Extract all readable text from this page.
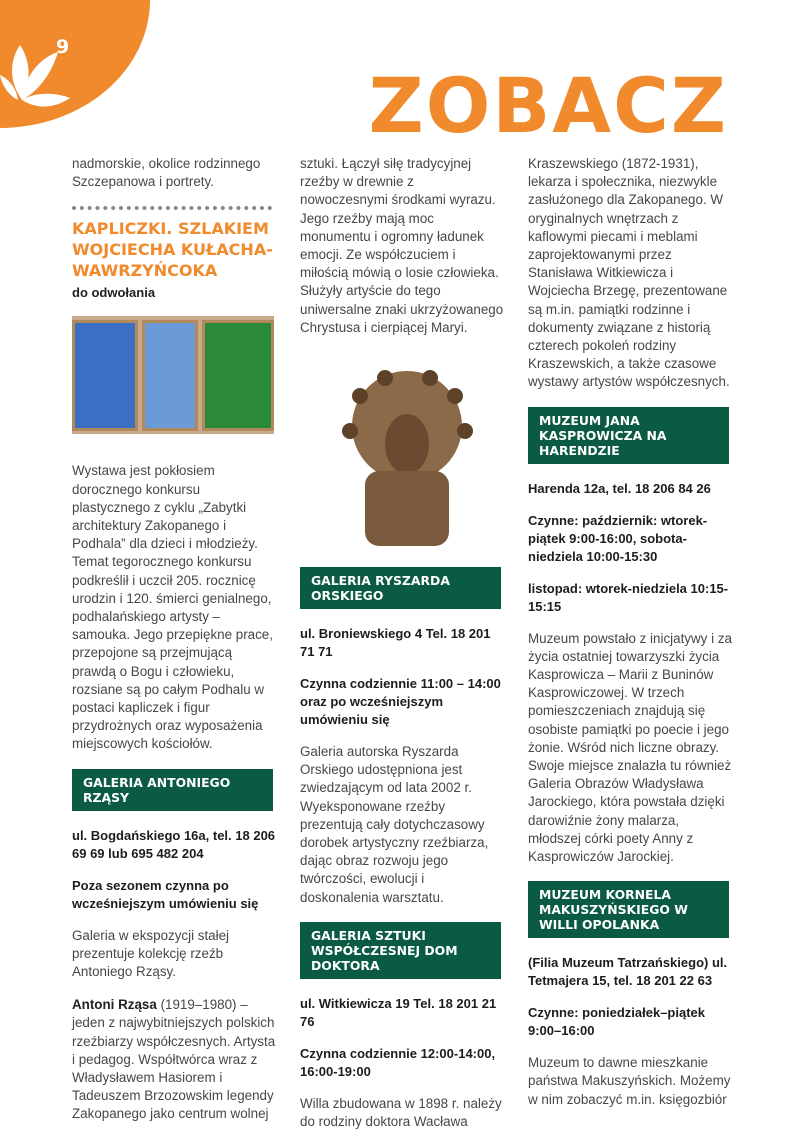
9
ZOBACZ

nadmorskie, okolice rodzinnego Szczepanowa i portrety.

KAPLICZKI. SZLAKIEM WOJCIECHA KUŁACHA-WAWRZYŃCOKA

do odwołania

Wystawa jest pokłosiem dorocznego konkursu plastycznego z cyklu „Zabytki architektury Zakopanego i Podhala” dla dzieci i młodzieży. Temat tegorocznego konkursu podkreślił i uczcił 205. rocznicę urodzin i 120. śmierci genialnego, podhalańskiego artysty – samouka. Jego przepiękne prace, przepojone są przejmującą prawdą o Bogu i człowieku, rozsiane są po całym Podhalu w postaci kapliczek i figur przydrożnych oraz wyposażenia miejscowych kościołów.

GALERIA ANTONIEGO RZĄSY
ul. Bogdańskiego 16a, tel. 18 206 69 69 lub 695 482 204
Poza sezonem czynna po wcześniejszym umówieniu się

Galeria w ekspozycji stałej prezentuje kolekcję rzeźb Antoniego Rząsy.

Antoni Rząsa (1919–1980) – jeden z najwybitniejszych polskich rzeźbiarzy współczesnych. Artysta i pedagog. Współtwórca wraz z Władysławem Hasiorem i Tadeuszem Brzozowskim legendy Zakopanego jako centrum wolnej

sztuki. Łączył siłę tradycyjnej rzeźby w drewnie z nowoczesnymi środkami wyrazu. Jego rzeźby mają moc monumentu i ogromny ładunek emocji. Ze współczuciem i miłością mówią o losie człowieka. Służyły artyście do tego uniwersalne znaki ukrzyżowanego Chrystusa i cierpiącej Maryi.

GALERIA RYSZARDA ORSKIEGO
ul. Broniewskiego 4 Tel. 18 201 71 71
Czynna codziennie 11:00 – 14:00 oraz po wcześniejszym umówieniu się

Galeria autorska Ryszarda Orskiego udostępniona jest zwiedzającym od lata 2002 r. Wyeksponowane rzeźby prezentują cały dotychczasowy dorobek artystyczny rzeźbiarza, dając obraz rozwoju jego twórczości, ewolucji i doskonalenia warsztatu.

GALERIA SZTUKI WSPÓŁCZESNEJ DOM DOKTORA
ul. Witkiewicza 19 Tel. 18 201 21 76
Czynna codziennie 12:00-14:00, 16:00-19:00

Willa zbudowana w 1898 r. należy do rodziny doktora Wacława

Kraszewskiego (1872-1931), lekarza i społecznika, niezwykle zasłużonego dla Zakopanego. W oryginalnych wnętrzach z kaflowymi piecami i meblami zaprojektowanymi przez Stanisława Witkiewicza i Wojciecha Brzegę, prezentowane są m.in. pamiątki rodzinne i dokumenty związane z historią czterech pokoleń rodziny Kraszewskich, a także czasowe wystawy artystów współczesnych.

MUZEUM JANA KASPROWICZA NA HARENDZIE
Harenda 12a, tel. 18 206 84 26
Czynne: październik: wtorek-piątek 9:00-16:00, sobota-niedziela 10:00-15:30
listopad: wtorek-niedziela 10:15-15:15

Muzeum powstało z inicjatywy i za życia ostatniej towarzyszki życia Kasprowicza – Marii z Buninów Kasprowiczowej. W trzech pomieszczeniach znajdują się osobiste pamiątki po poecie i jego żonie. Wśród nich liczne obrazy. Swoje miejsce znalazła tu również Galeria Obrazów Władysława Jarockiego, która powstała dzięki darowiźnie żony malarza, młodszej córki poety Anny z Kasprowiczów Jarockiej.

MUZEUM KORNELA MAKUSZYŃSKIEGO W WILLI OPOLANKA
(Filia Muzeum Tatrzańskiego) ul. Tetmajera 15, tel. 18 201 22 63
Czynne: poniedziałek–piątek 9:00–16:00

Muzeum to dawne mieszkanie państwa Makuszyńskich. Możemy w nim zobaczyć m.in. księgozbiór
